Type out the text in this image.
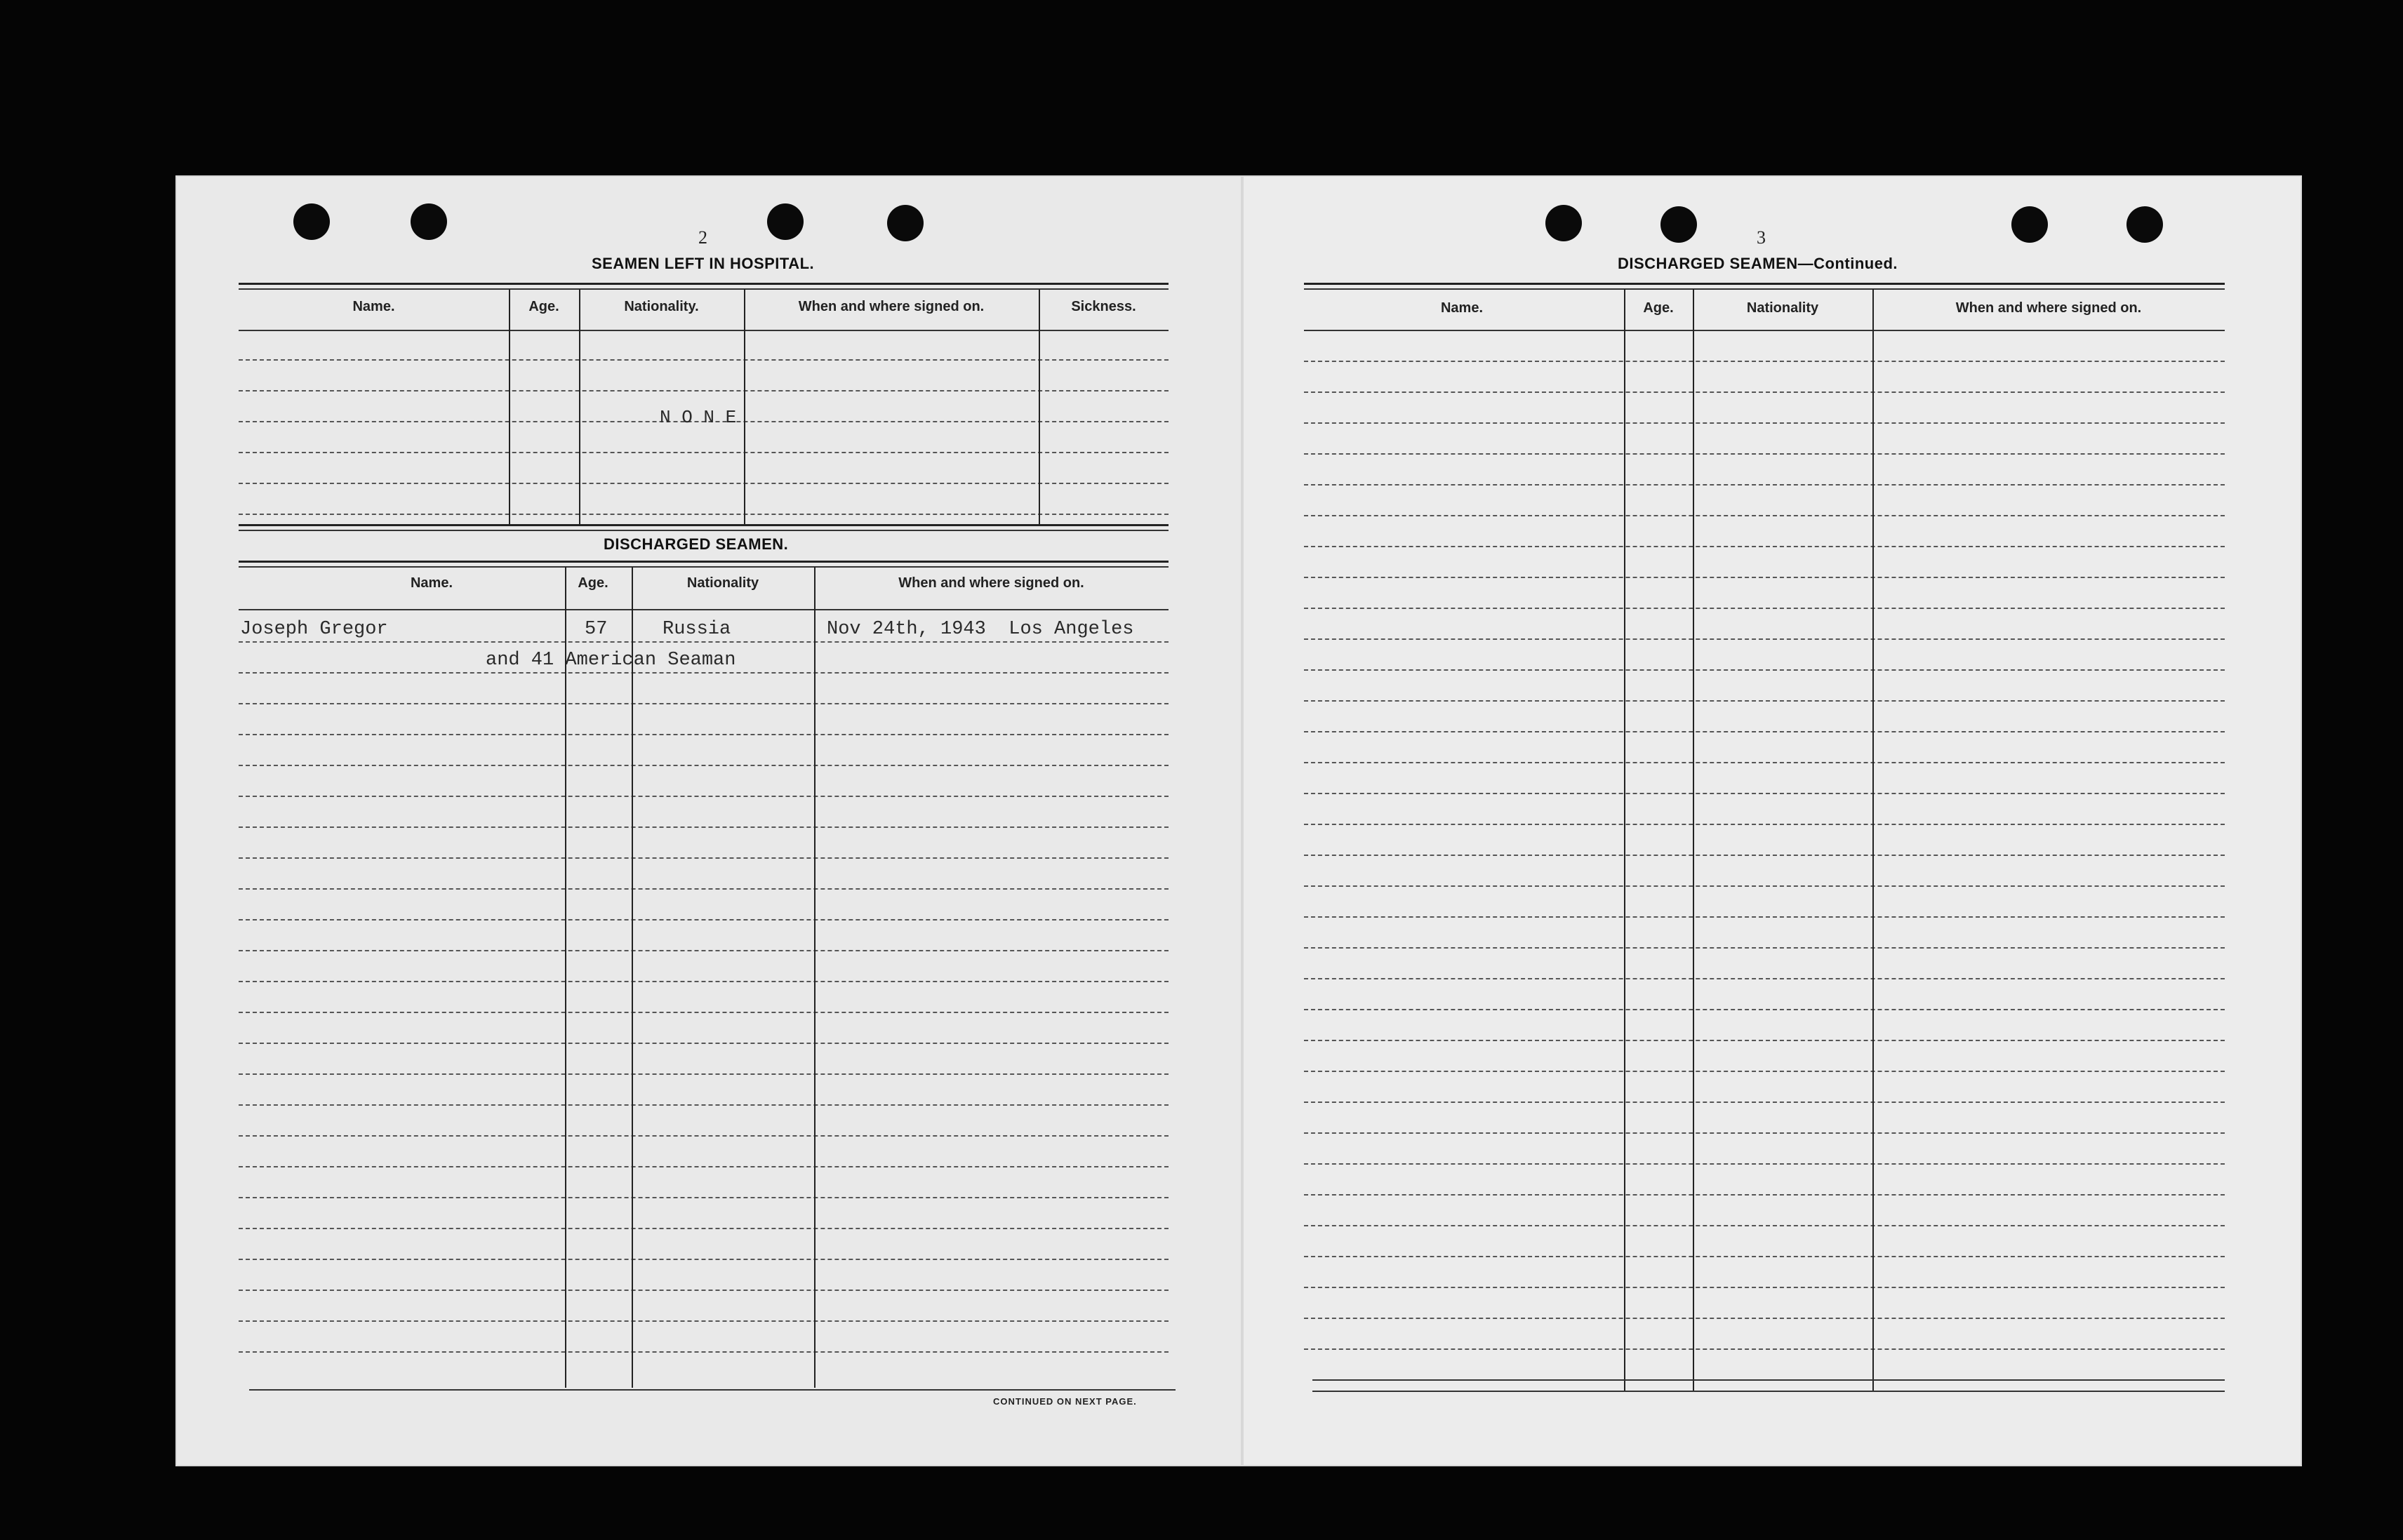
2
SEAMEN LEFT IN HOSPITAL.
Name.	Age.	Nationality.	When and where signed on.	Sickness.
N O N E
DISCHARGED SEAMEN.
Name.	Age.	Nationality	When and where signed on.
Joseph Gregor	57	Russia	Nov 24th, 1943  Los Angeles
and 41 American Seaman
CONTINUED ON NEXT PAGE.
3
DISCHARGED SEAMEN—Continued.
Name.	Age.	Nationality	When and where signed on.
